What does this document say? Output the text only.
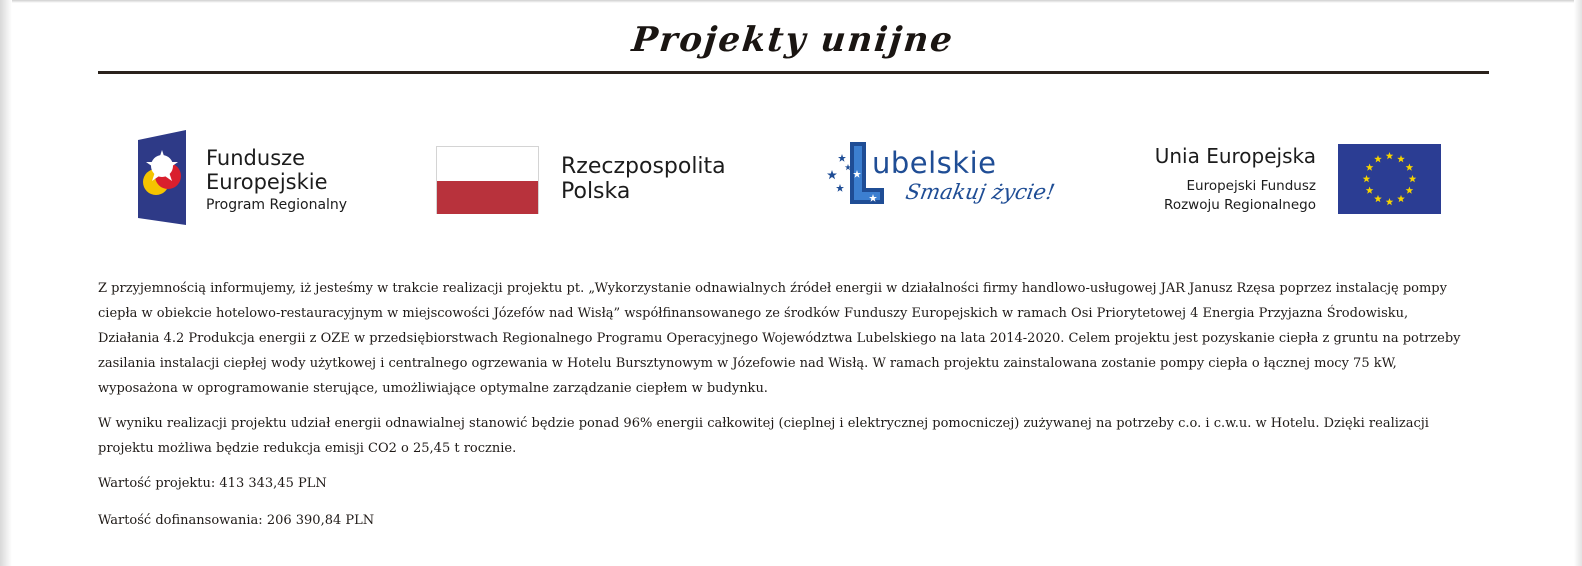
Projekty unijne

Fundusze
Europejskie

Program Regionalny

Rzeczpospolita
Polska

ubelskie
Smakuj życie!
Unia Europejska

Europejski Fundusz
Rozwoju Regionalnego

Z przyjemnością informujemy, iż jesteśmy w trakcie realizacji projektu pt. „Wykorzystanie odnawialnych źródeł energii w działalności firmy handlowo-usługowej JAR Janusz Rzęsa poprzez instalację pompy ciepła w obiekcie hotelowo-restauracyjnym w miejscowości Józefów nad Wisłą” współfinansowanego ze środków Funduszy Europejskich w ramach Osi Priorytetowej 4 Energia Przyjazna Środowisku, Działania 4.2 Produkcja energii z OZE w przedsiębiorstwach Regionalnego Programu Operacyjnego Województwa Lubelskiego na lata 2014-2020. Celem projektu jest pozyskanie ciepła z gruntu na potrzeby zasilania instalacji ciepłej wody użytkowej i centralnego ogrzewania w Hotelu Bursztynowym w Józefowie nad Wisłą. W ramach projektu zainstalowana zostanie pompy ciepła o łącznej mocy 75 kW, wyposażona w oprogramowanie sterujące, umożliwiające optymalne zarządzanie ciepłem w budynku.

W wyniku realizacji projektu udział energii odnawialnej stanowić będzie ponad 96% energii całkowitej (cieplnej i elektrycznej pomocniczej) zużywanej na potrzeby c.o. i c.w.u. w Hotelu. Dzięki realizacji projektu możliwa będzie redukcja emisji CO2 o 25,45 t rocznie.

Wartość projektu: 413 343,45 PLN

Wartość dofinansowania: 206 390,84 PLN
